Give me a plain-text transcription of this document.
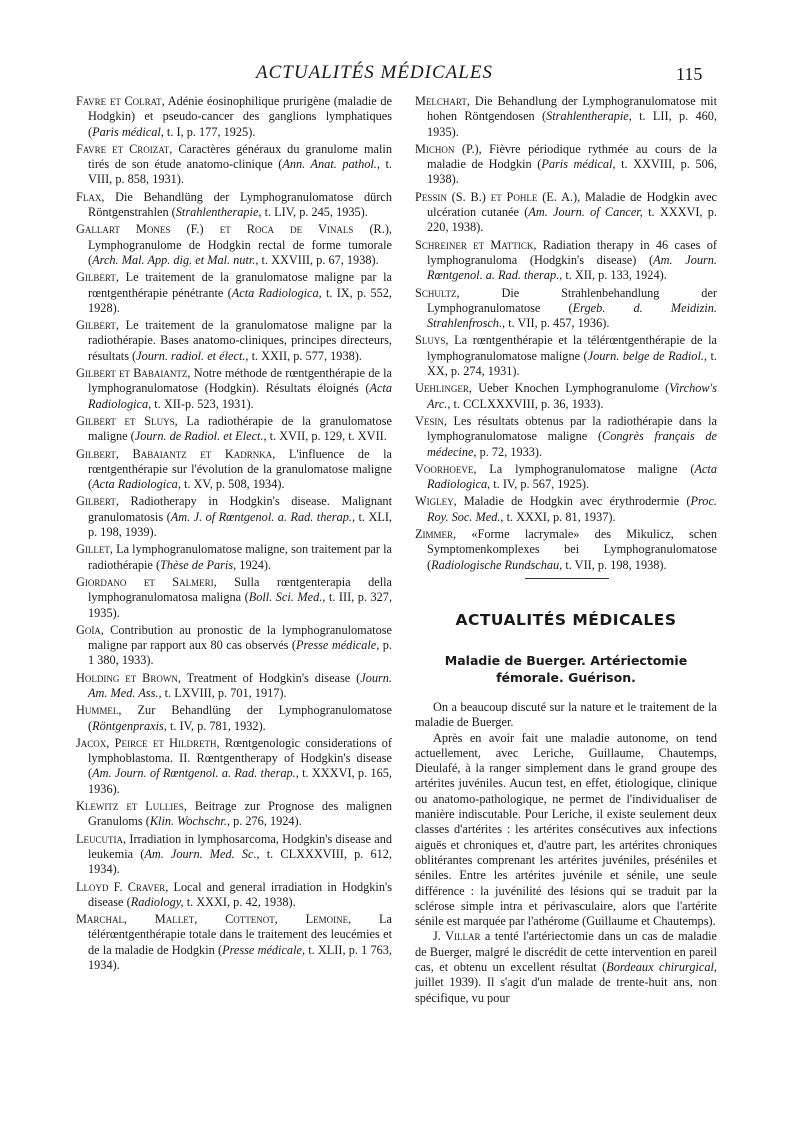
ACTUALITÉS MÉDICALES	115

Favre et Colrat, Adénie éosinophilique prurigène (maladie de Hodgkin) et pseudo-cancer des ganglions lymphatiques (Paris médical, t. I, p. 177, 1925).

Favre et Croizat, Caractères généraux du granulome malin tirés de son étude anatomo-clinique (Ann. Anat. pathol., t. VIII, p. 858, 1931).

Flax, Die Behandlüng der Lymphogranulomatose dürch Röntgenstrahlen (Strahlentherapie, t. LIV, p. 245, 1935).

Gallart Mones (F.) et Roca de Vinals (R.), Lymphogranulome de Hodgkin rectal de forme tumorale (Arch. Mal. App. dig. et Mal. nutr., t. XXVIII, p. 67, 1938).

Gilbert, Le traitement de la granulomatose maligne par la rœntgenthérapie pénétrante (Acta Radiologica, t. IX, p. 552, 1928).

Gilbert, Le traitement de la granulomatose maligne par la radiothérapie. Bases anatomo-cliniques, principes directeurs, résultats (Journ. radiol. et élect., t. XXII, p. 577, 1938).

Gilbert et Babaiantz, Notre méthode de rœntgenthérapie de la lymphogranulomatose (Hodgkin). Résultats éloignés (Acta Radiologica, t. XII-p. 523, 1931).

Gilbert et Sluys, La radiothérapie de la granulomatose maligne (Journ. de Radiol. et Elect., t. XVII, p. 129, t. XVII.

Gilbert, Babaiantz et Kadrnka, L'influence de la rœntgenthérapie sur l'évolution de la granulomatose maligne (Acta Radiologica, t. XV, p. 508, 1934).

Gilbert, Radiotherapy in Hodgkin's disease. Malignant granulomatosis (Am. J. of Rœntgenol. a. Rad. therap., t. XLI, p. 198, 1939).

Gillet, La lymphogranulomatose maligne, son traitement par la radiothérapie (Thèse de Paris, 1924).

Giordano et Salmeri, Sulla rœntgenterapia della lymphogranulomatosa maligna (Boll. Sci. Med., t. III, p. 327, 1935).

Goïa, Contribution au pronostic de la lymphogranulomatose maligne par rapport aux 80 cas observés (Presse médicale, p. 1 380, 1933).

Holding et Brown, Treatment of Hodgkin's disease (Journ. Am. Med. Ass., t. LXVIII, p. 701, 1917).

Hummel, Zur Behandlüng der Lymphogranulomatose (Röntgenpraxis, t. IV, p. 781, 1932).

Jacox, Peirce et Hildreth, Rœntgenologic considerations of lymphoblastoma. II. Rœntgentherapy of Hodgkin's disease (Am. Journ. of Rœntgenol. a. Rad. therap., t. XXXVI, p. 165, 1936).

Klewitz et Lullies, Beitrage zur Prognose des malignen Granuloms (Klin. Wochschr., p. 276, 1924).

Leucutia, Irradiation in lymphosarcoma, Hodgkin's disease and leukemia (Am. Journ. Med. Sc., t. CLXXXVIII, p. 612, 1934).

Lloyd F. Craver, Local and general irradiation in Hodgkin's disease (Radiology, t. XXXI, p. 42, 1938).

Marchal, Mallet, Cottenot, Lemoine, La télérœntgenthérapie totale dans le traitement des leucémies et de la maladie de Hodgkin (Presse médicale, t. XLII, p. 1 763, 1934).

Melchart, Die Behandlung der Lymphogranulomatose mit hohen Röntgendosen (Strahlentherapie, t. LII, p. 460, 1935).

Michon (P.), Fièvre périodique rythmée au cours de la maladie de Hodgkin (Paris médical, t. XXVIII, p. 506, 1938).

Pessin (S. B.) et Pohle (E. A.), Maladie de Hodgkin avec ulcération cutanée (Am. Journ. of Cancer, t. XXXVI, p. 220, 1938).

Schreiner et Mattick, Radiation therapy in 46 cases of lymphogranuloma (Hodgkin's disease) (Am. Journ. Rœntgenol. a. Rad. therap., t. XII, p. 133, 1924).

Schultz, Die Strahlenbehandlung der Lymphogranulomatose (Ergeb. d. Meidizin. Strahlenfrosch., t. VII, p. 457, 1936).

Sluys, La rœntgenthérapie et la télérœntgenthérapie de la lymphogranulomatose maligne (Journ. belge de Radiol., t. XX, p. 274, 1931).

Uehlinger, Ueber Knochen Lymphogranulome (Virchow's Arc., t. CCLXXXVIII, p. 36, 1933).

Vesin, Les résultats obtenus par la radiothérapie dans la lymphogranulomatose maligne (Congrès français de médecine, p. 72, 1933).

Voorhoeve, La lymphogranulomatose maligne (Acta Radiologica, t. IV, p. 567, 1925).

Wigley, Maladie de Hodgkin avec érythrodermie (Proc. Roy. Soc. Med., t. XXXI, p. 81, 1937).

Zimmer, «Forme lacrymale» des Mikulicz, schen Symptomenkomplexes bei Lymphogranulomatose (Radiologische Rundschau, t. VII, p. 198, 1938).

ACTUALITÉS MÉDICALES
Maladie de Buerger. Artériectomie
fémorale. Guérison.

On a beaucoup discuté sur la nature et le traitement de la maladie de Buerger.

Après en avoir fait une maladie autonome, on tend actuellement, avec Leriche, Guillaume, Chautemps, Dieulafé, à la ranger simplement dans le grand groupe des artérites juvéniles. Aucun test, en effet, étiologique, clinique ou anatomo-pathologique, ne permet de l'individualiser de manière indiscutable. Pour Leriche, il existe seulement deux classes d'artérites : les artérites consécutives aux infections aiguës et chroniques et, d'autre part, les artérites chroniques oblitérantes comprenant les artérites juvéniles, préséniles et séniles. Entre les artérites juvénile et sénile, une seule différence : la juvénilité des lésions qui se traduit par la sclérose simple intra et périvasculaire, alors que l'artérite sénile est marquée par l'athérome (Guillaume et Chautemps).

J. Villar a tenté l'artériectomie dans un cas de maladie de Buerger, malgré le discrédit de cette intervention en pareil cas, et obtenu un excellent résultat (Bordeaux chirurgical, juillet 1939). Il s'agit d'un malade de trente-huit ans, non spécifique, vu pour
